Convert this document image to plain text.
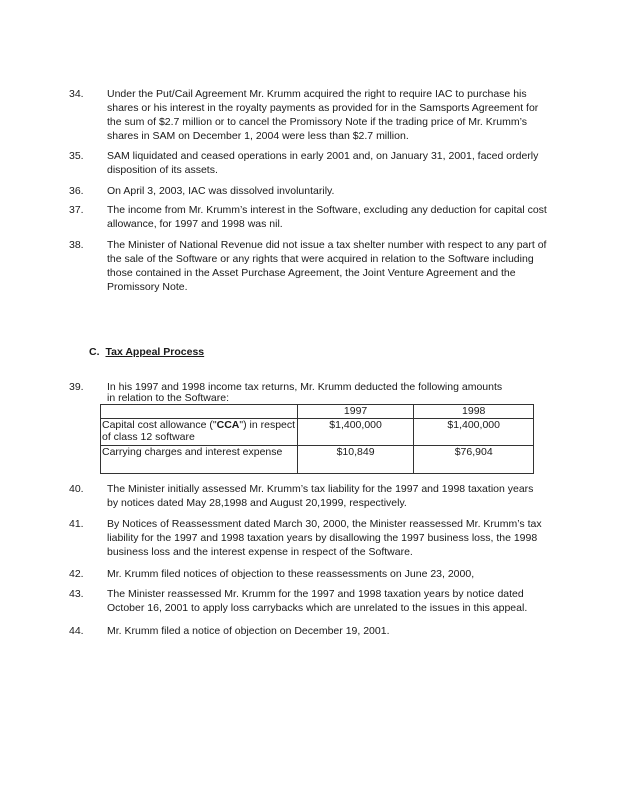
34. Under the Put/Cail Agreement Mr. Krumm acquired the right to require IAC to purchase his shares or his interest in the royalty payments as provided for in the Samsports Agreement for the sum of $2.7 million or to cancel the Promissory Note if the trading price of Mr. Krumm’s shares in SAM on December 1, 2004 were less than $2.7 million.
35. SAM liquidated and ceased operations in early 2001 and, on January 31, 2001, faced orderly disposition of its assets.
36. On April 3, 2003, IAC was dissolved involuntarily.
37. The income from Mr. Krumm’s interest in the Software, excluding any deduction for capital cost allowance, for 1997 and 1998 was nil.
38. The Minister of National Revenue did not issue a tax shelter number with respect to any part of the sale of the Software or any rights that were acquired in relation to the Software including those contained in the Asset Purchase Agreement, the Joint Venture Agreement and the Promissory Note.
C. Tax Appeal Process
39. In his 1997 and 1998 income tax returns, Mr. Krumm deducted the following amounts
in relation to the Software:
	1997	1998
Capital cost allowance ("CCA") in respect of class 12 software	$1,400,000	$1,400,000
Carrying charges and interest expense	$10,849	$76,904
40. The Minister initially assessed Mr. Krumm’s tax liability for the 1997 and 1998 taxation years by notices dated May 28,1998 and August 20,1999, respectively.
41. By Notices of Reassessment dated March 30, 2000, the Minister reassessed Mr. Krumm’s tax liability for the 1997 and 1998 taxation years by disallowing the 1997 business loss, the 1998 business loss and the interest expense in respect of the Software.
42. Mr. Krumm filed notices of objection to these reassessments on June 23, 2000,
43. The Minister reassessed Mr. Krumm for the 1997 and 1998 taxation years by notice dated October 16, 2001 to apply loss carrybacks which are unrelated to the issues in this appeal.
44. Mr. Krumm filed a notice of objection on December 19, 2001.
